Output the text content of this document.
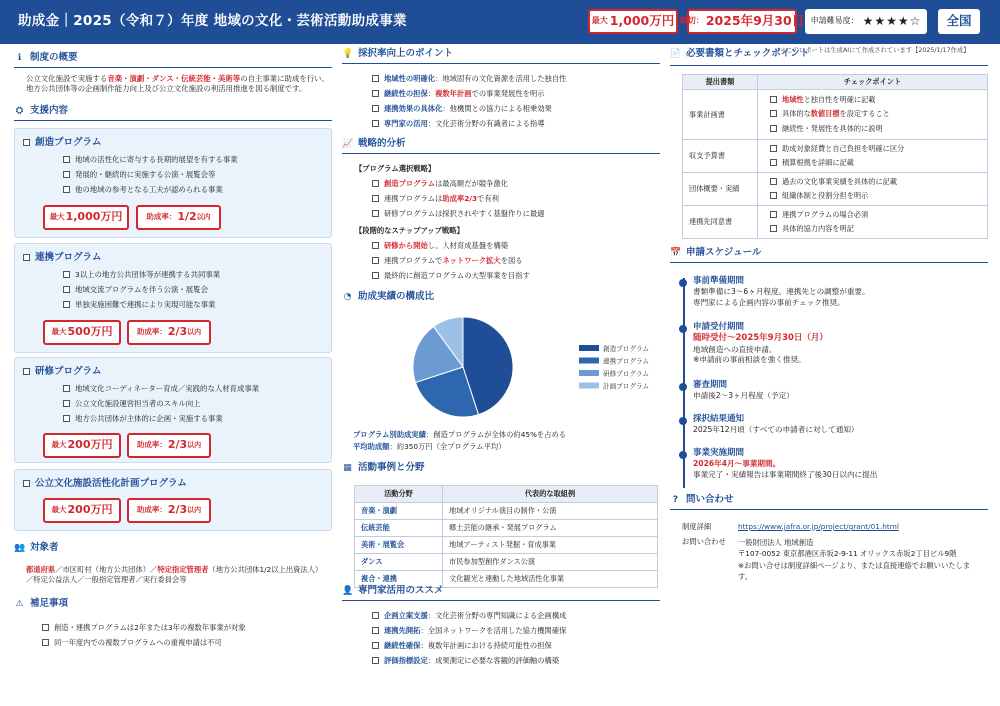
助成金｜2025（令和７）年度 地域の文化・芸術活動助成事業	最大 1,000万円 締切： 2025年9月30日 申請難易度： ★★★★☆	全国
＊このレポートは生成AIにて作成されています【2025/1/17作成】
ℹ 制度の概要
公立文化施設で実施する音楽・演劇・ダンス・伝統芸能・美術等の自主事業に助成を行い、
地方公共団体等の企画制作能力向上及び公立文化施設の利活用推進を図る制度です。
⛭ 支援内容
創造プログラム
地域の活性化に寄与する長期的展望を有する事業
発展的・継続的に実施する公演・展覧会等
他の地域の参考となる工夫が認められる事業
最大 1,000万円	助成率： 1/2 以内
連携プログラム
3以上の地方公共団体等が連携する共同事業
地域交流プログラムを伴う公演・展覧会
単独実施困難で連携により実現可能な事業
最大 500万円	助成率： 2/3 以内
研修プログラム
地域文化コーディネーター育成／実践的な人材育成事業
公立文化施設運営担当者のスキル向上
地方公共団体が主体的に企画・実施する事業
最大 200万円	助成率： 2/3 以内
公立文化施設活性化計画プログラム
最大 200万円	助成率： 2/3 以内
👥 対象者
都道府県／市区町村（地方公共団体）／特定指定管理者（地方公共団体1/2以上出資法人）
／特定公益法人／一般指定管理者／実行委員会等
⚠ 補足事項
創造・連携プログラムは2年または3年の複数年事業が対象
同一年度内での複数プログラムへの重複申請は不可
💡 採択率向上のポイント
地域性の明確化：地域固有の文化資源を活用した独自性
継続性の担保：複数年計画での事業発展性を明示
連携効果の具体化：他機関との協力による相乗効果
専門家の活用：文化芸術分野の有識者による指導
📈 戦略的分析
【プログラム選択戦略】
創造プログラムは最高額だが競争激化
連携プログラムは助成率2/3で有利
研修プログラムは採択されやすく基盤作りに最適
【段階的なステップアップ戦略】
研修から開始し、人材育成基盤を構築
連携プログラムでネットワーク拡大を図る
最終的に創造プログラムの大型事業を目指す
◔ 助成実績の構成比
創造プログラム
連携プログラム
研修プログラム
計画プログラム
プログラム別助成実績：創造プログラムが全体の約45%を占める
平均助成額：約350万円（全プログラム平均）
▦ 活動事例と分野
活動分野	代表的な取組例
音楽・演劇	地域オリジナル演目の制作・公演
伝統芸能	郷土芸能の継承・発展プログラム
美術・展覧会	地域アーティスト発掘・育成事業
ダンス	市民参加型創作ダンス公演
複合・連携	文化観光と連動した地域活性化事業
👤 専門家活用のススメ
企画立案支援：文化芸術分野の専門知識による企画構成
連携先開拓：全国ネットワークを活用した協力機関確保
継続性確保：複数年計画における持続可能性の担保
評価指標設定：成果測定に必要な客観的評価軸の構築
📄 必要書類とチェックポイント
提出書類	チェックポイント
事業計画書	地域性と独自性を明確に記載
具体的な数値目標を設定すること
継続性・発展性を具体的に説明

収支予算書	助成対象経費と自己負担を明確に区分
積算根拠を詳細に記載

団体概要・実績	過去の文化事業実績を具体的に記載
組織体制と役割分担を明示

連携先同意書	連携プログラムの場合必須
具体的協力内容を明記
📅 申請スケジュール
事前準備期間
書類準備に3〜6ヶ月程度。連携先との調整が重要。
専門家による企画内容の事前チェック推奨。
申請受付期間
随時受付〜2025年9月30日（月）
地域創造への直接申請。
※申請前の事前相談を強く推奨。
審査期間
申請後2〜3ヶ月程度（予定）
採択結果通知
2025年12月頃（すべての申請者に対して通知）
事業実施期間
2026年4月〜事業期間。
事業完了・実績報告は事業期間終了後30日以内に提出
? 問い合わせ
制度詳細	https://www.jafra.or.jp/project/grant/01.html
お問い合わせ 一般財団法人 地域創造
〒107-0052 東京都港区赤坂2-9-11 オリックス赤坂2丁目ビル9階
※お問い合せは制度詳細ページより、または直接連絡でお願いいたしま
す。
